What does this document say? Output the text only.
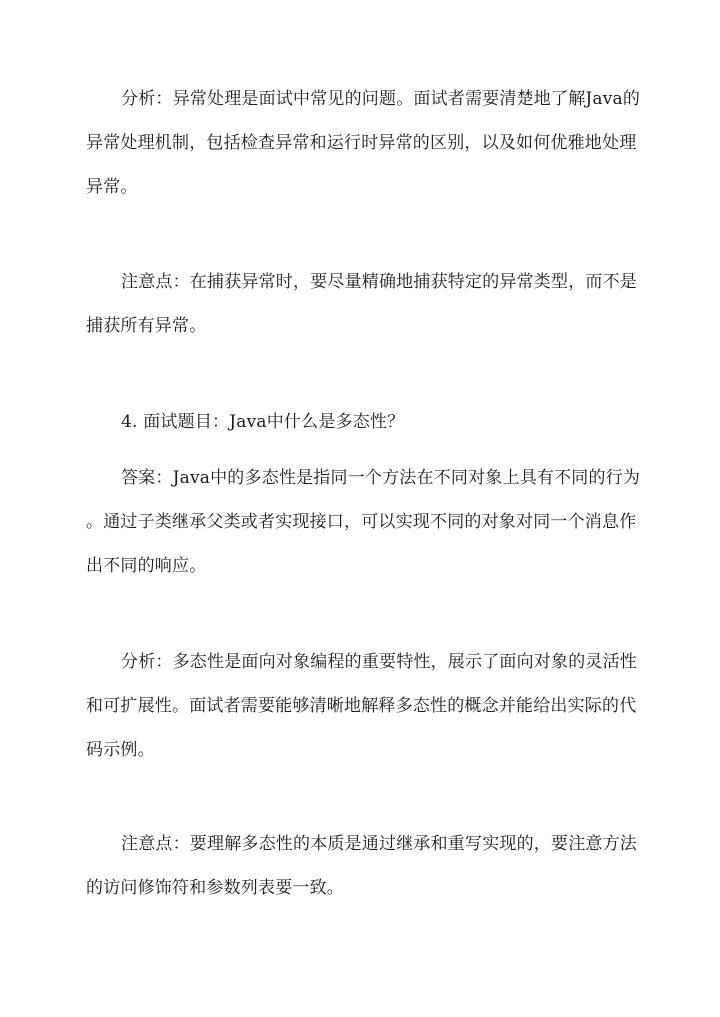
分析：异常处理是面试中常见的问题。面试者需要清楚地了解Java的
异常处理机制，包括检查异常和运行时异常的区别，以及如何优雅地处理
异常。
注意点：在捕获异常时，要尽量精确地捕获特定的异常类型，而不是
捕获所有异常。
4. 面试题目：Java中什么是多态性？
答案：Java中的多态性是指同一个方法在不同对象上具有不同的行为
。通过子类继承父类或者实现接口，可以实现不同的对象对同一个消息作
出不同的响应。
分析：多态性是面向对象编程的重要特性，展示了面向对象的灵活性
和可扩展性。面试者需要能够清晰地解释多态性的概念并能给出实际的代
码示例。
注意点：要理解多态性的本质是通过继承和重写实现的，要注意方法
的访问修饰符和参数列表要一致。
